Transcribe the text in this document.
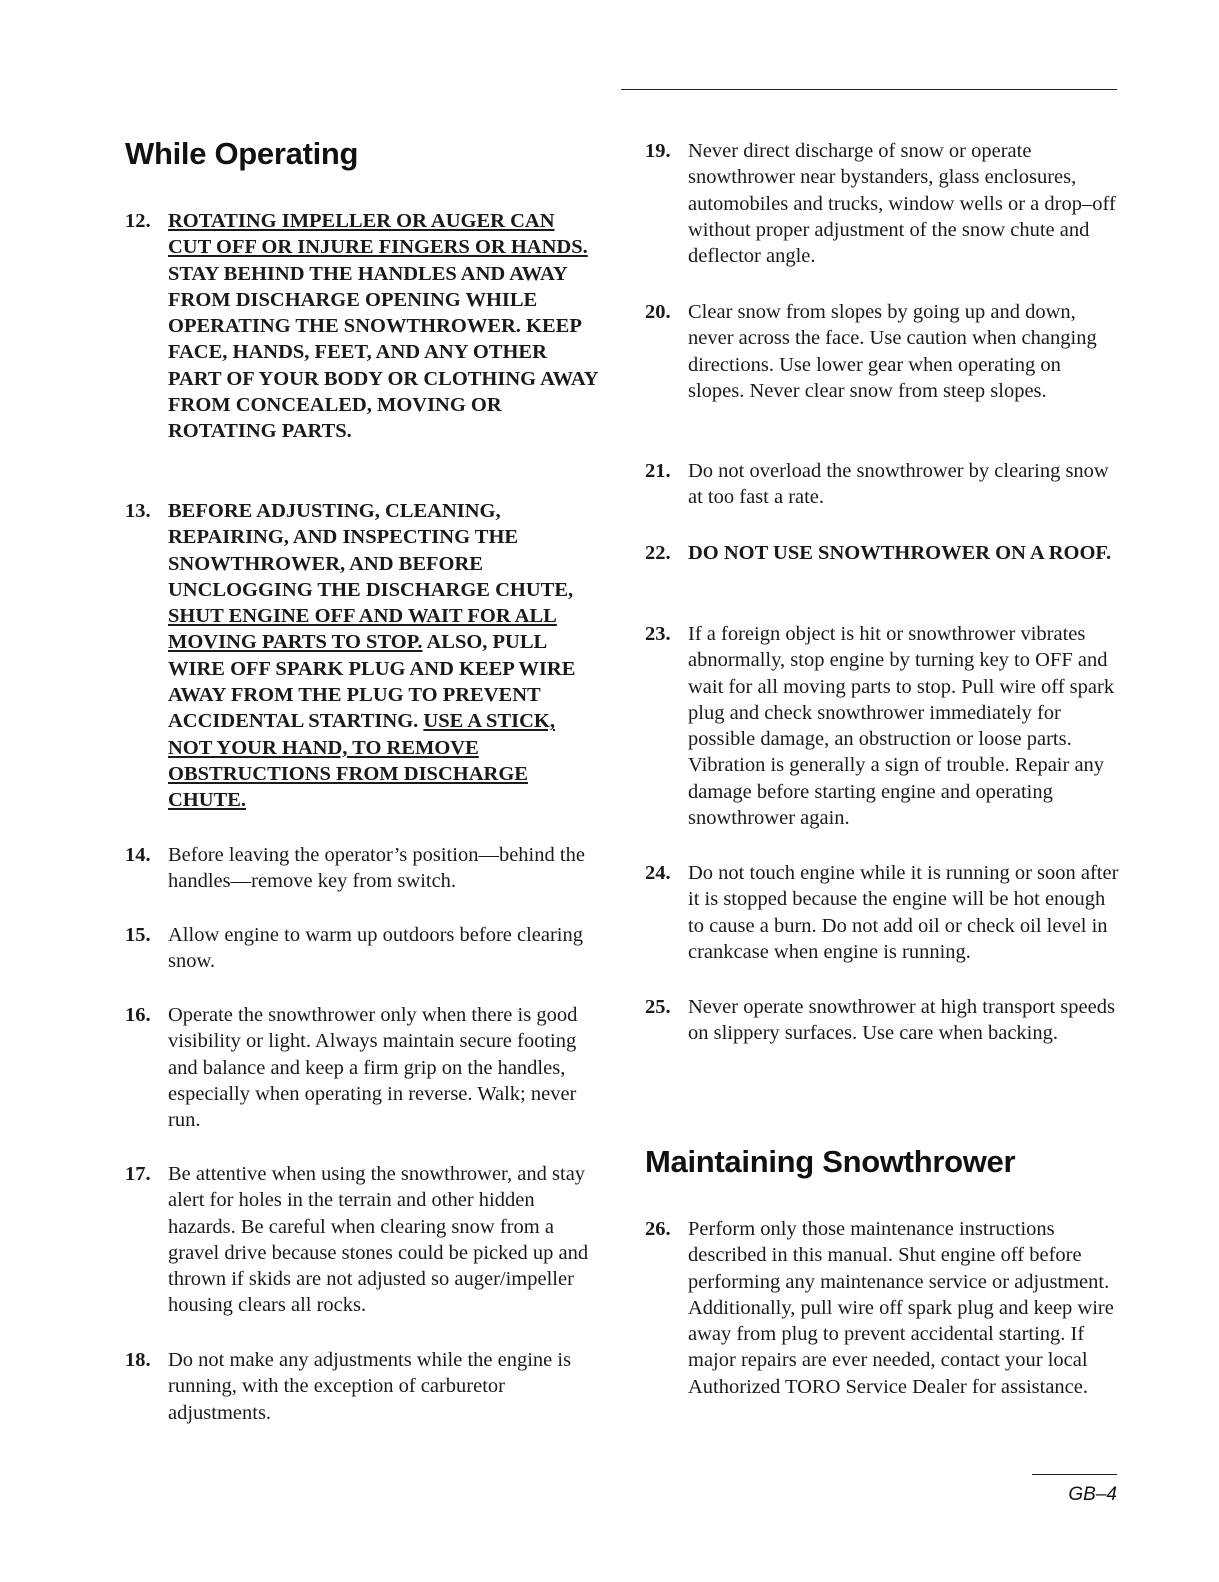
While Operating
12. ROTATING IMPELLER OR AUGER CAN CUT OFF OR INJURE FINGERS OR HANDS. STAY BEHIND THE HANDLES AND AWAY FROM DISCHARGE OPENING WHILE OPERATING THE SNOWTHROWER. KEEP FACE, HANDS, FEET, AND ANY OTHER PART OF YOUR BODY OR CLOTHING AWAY FROM CONCEALED, MOVING OR ROTATING PARTS.
13. BEFORE ADJUSTING, CLEANING, REPAIRING, AND INSPECTING THE SNOWTHROWER, AND BEFORE UNCLOGGING THE DISCHARGE CHUTE, SHUT ENGINE OFF AND WAIT FOR ALL MOVING PARTS TO STOP. ALSO, PULL WIRE OFF SPARK PLUG AND KEEP WIRE AWAY FROM THE PLUG TO PREVENT ACCIDENTAL STARTING. USE A STICK, NOT YOUR HAND, TO REMOVE OBSTRUCTIONS FROM DISCHARGE CHUTE.
14. Before leaving the operator’s position—behind the handles—remove key from switch.
15. Allow engine to warm up outdoors before clearing snow.
16. Operate the snowthrower only when there is good visibility or light. Always maintain secure footing and balance and keep a firm grip on the handles, especially when operating in reverse. Walk; never run.
17. Be attentive when using the snowthrower, and stay alert for holes in the terrain and other hidden hazards. Be careful when clearing snow from a gravel drive because stones could be picked up and thrown if skids are not adjusted so auger/impeller housing clears all rocks.
18. Do not make any adjustments while the engine is running, with the exception of carburetor adjustments.
19. Never direct discharge of snow or operate snowthrower near bystanders, glass enclosures, automobiles and trucks, window wells or a drop–off without proper adjustment of the snow chute and deflector angle.
20. Clear snow from slopes by going up and down, never across the face. Use caution when changing directions. Use lower gear when operating on slopes. Never clear snow from steep slopes.
21. Do not overload the snowthrower by clearing snow at too fast a rate.
22. DO NOT USE SNOWTHROWER ON A ROOF.
23. If a foreign object is hit or snowthrower vibrates abnormally, stop engine by turning key to OFF and wait for all moving parts to stop. Pull wire off spark plug and check snowthrower immediately for possible damage, an obstruction or loose parts. Vibration is generally a sign of trouble. Repair any damage before starting engine and operating snowthrower again.
24. Do not touch engine while it is running or soon after it is stopped because the engine will be hot enough to cause a burn. Do not add oil or check oil level in crankcase when engine is running.
25. Never operate snowthrower at high transport speeds on slippery surfaces. Use care when backing.
Maintaining Snowthrower
26. Perform only those maintenance instructions described in this manual. Shut engine off before performing any maintenance service or adjustment. Additionally, pull wire off spark plug and keep wire away from plug to prevent accidental starting. If major repairs are ever needed, contact your local Authorized TORO Service Dealer for assistance.
GB–4
